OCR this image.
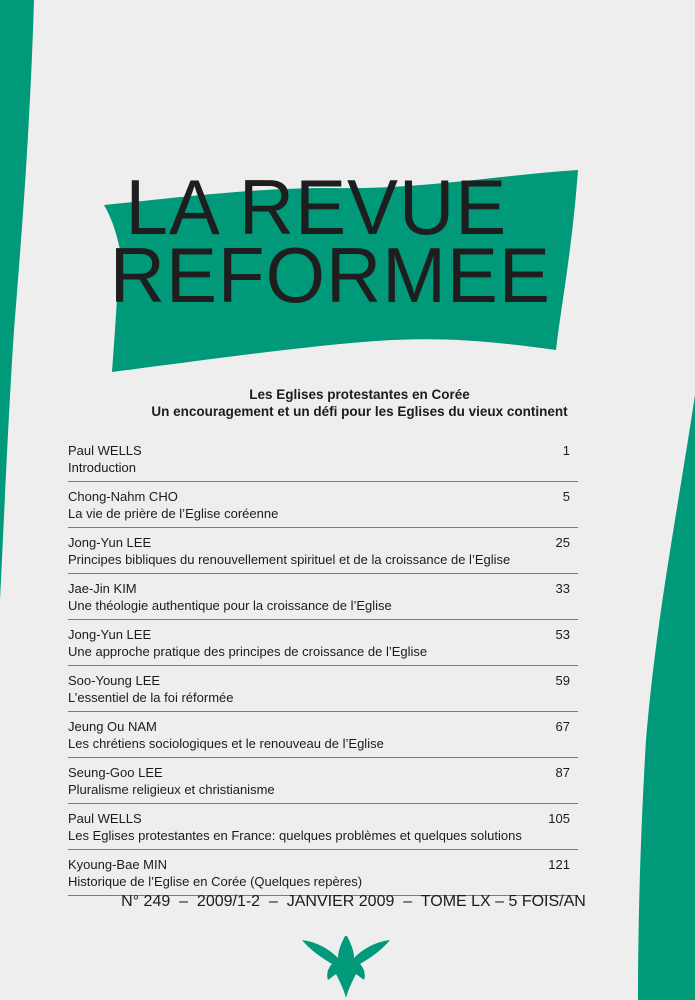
LA REVUE
REFORMEE
Les Eglises protestantes en Corée
Un encouragement et un défi pour les Eglises du vieux continent
Paul WELLS
Introduction
1
Chong-Nahm CHO
La vie de prière de l’Eglise coréenne
5
Jong-Yun LEE
Principes bibliques du renouvellement spirituel et de la croissance de l’Eglise
25
Jae-Jin KIM
Une théologie authentique pour la croissance de l’Eglise
33
Jong-Yun LEE
Une approche pratique des principes de croissance de l’Eglise
53
Soo-Young LEE
L’essentiel de la foi réformée
59
Jeung Ou NAM
Les chrétiens sociologiques et le renouveau de l’Eglise
67
Seung-Goo LEE
Pluralisme religieux et christianisme
87
Paul WELLS
Les Eglises protestantes en France: quelques problèmes et quelques solutions
105
Kyoung-Bae MIN
Historique de l’Eglise en Corée (Quelques repères)
121
N° 249  –  2009/1-2  –  JANVIER 2009  –  TOME LX – 5 FOIS/AN
